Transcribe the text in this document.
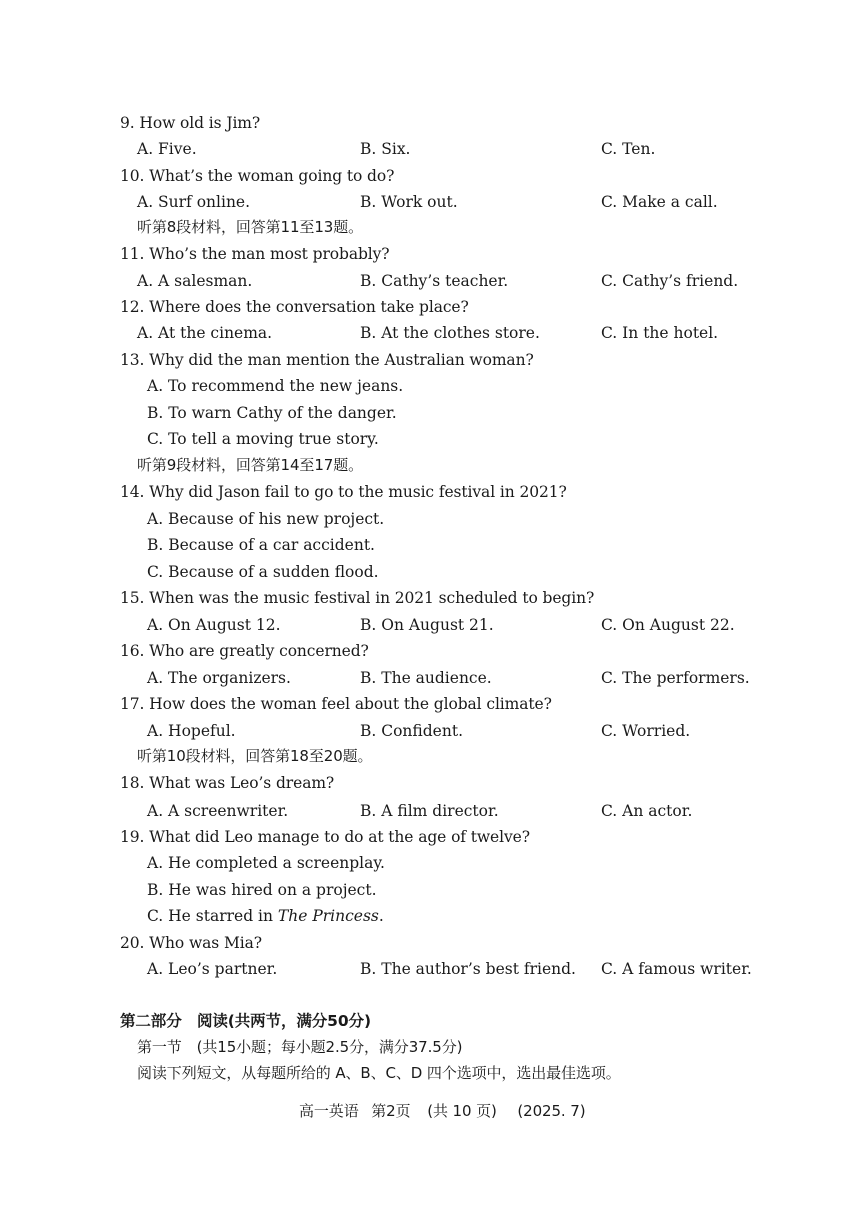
9. How old is Jim?
A. Five.	B. Six.	C. Ten.
10. What’s the woman going to do?
A. Surf online.	B. Work out.	C. Make a call.
听第8段材料，回答第11至13题。
11. Who’s the man most probably?
A. A salesman.	B. Cathy’s teacher.	C. Cathy’s friend.
12. Where does the conversation take place?
A. At the cinema.	B. At the clothes store.	C. In the hotel.
13. Why did the man mention the Australian woman?
A. To recommend the new jeans.
B. To warn Cathy of the danger.
C. To tell a moving true story.
听第9段材料，回答第14至17题。
14. Why did Jason fail to go to the music festival in 2021?
A. Because of his new project.
B. Because of a car accident.
C. Because of a sudden flood.
15. When was the music festival in 2021 scheduled to begin?
A. On August 12.	B. On August 21.	C. On August 22.
16. Who are greatly concerned?
A. The organizers.	B. The audience.	C. The performers.
17. How does the woman feel about the global climate?
A. Hopeful.	B. Confident.	C. Worried.
听第10段材料，回答第18至20题。
18. What was Leo’s dream?
A. A screenwriter.	B. A film director.	C. An actor.
19. What did Leo manage to do at the age of twelve?
A. He completed a screenplay.
B. He was hired on a project.
C. He starred in The Princess.
20. Who was Mia?
A. Leo’s partner.	B. The author’s best friend. C. A famous writer.
第二部分　阅读(共两节，满分50分)
第一节　(共15小题；每小题2.5分，满分37.5分)
阅读下列短文，从每题所给的 A、B、C、D 四个选项中，选出最佳选项。
高一英语 第2页 (共 10 页) (2025. 7)
